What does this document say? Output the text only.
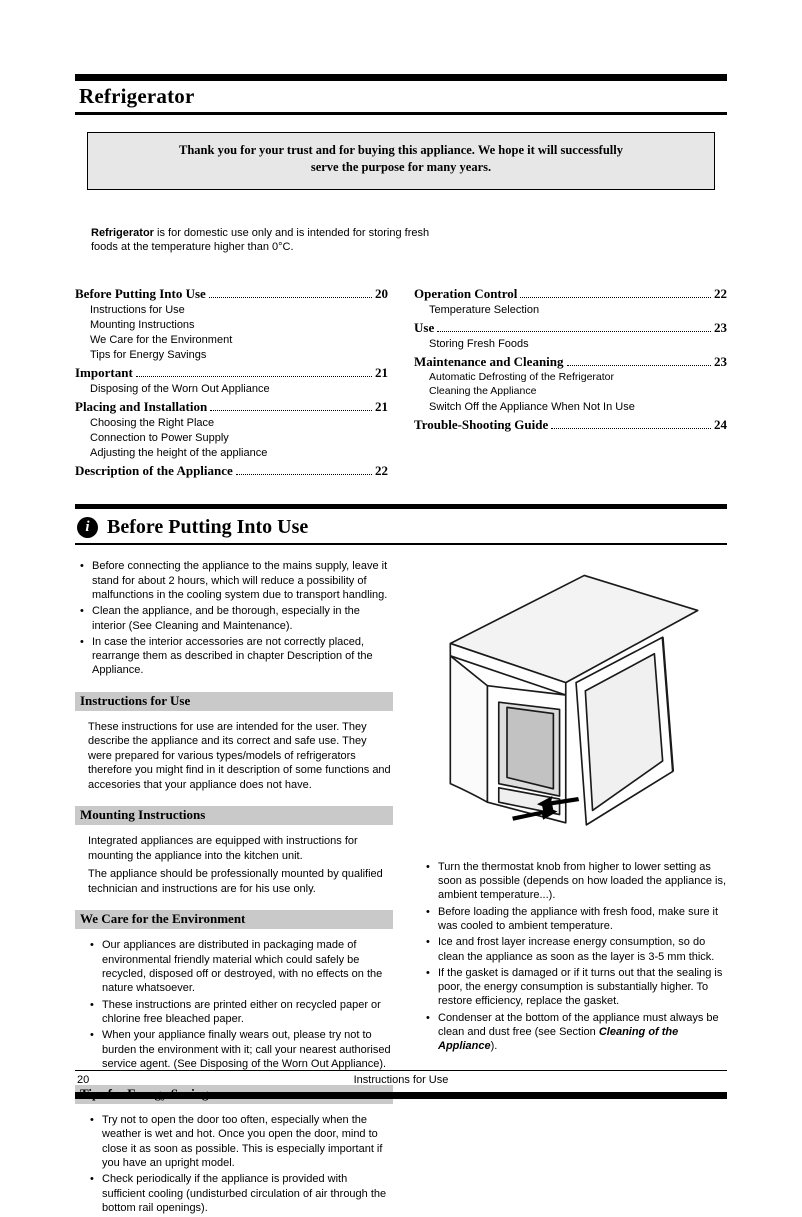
Refrigerator
Thank you for your trust and for buying this appliance. We hope it will successfully
serve the purpose for many years.

Refrigerator is for domestic use only and is intended for storing fresh foods at the temperature higher than 0°C.

Before Putting Into Use	20
Instructions for Use
Mounting Instructions
We Care for the Environment
Tips for Energy Savings
Important	21
Disposing of the Worn Out Appliance
Placing and Installation	21
Choosing the Right Place
Connection to Power Supply
Adjusting the height of the appliance
Description of the Appliance	22
Operation Control	22
Temperature Selection
Use	23
Storing Fresh Foods
Maintenance and Cleaning	23
Automatic Defrosting of the Refrigerator
Cleaning the Appliance
Switch Off the Appliance When Not In Use
Trouble-Shooting Guide	24
i Before Putting Into Use
• Before connecting the appliance to the mains supply, leave it stand for about 2 hours, which will reduce a possibility of malfunctions in the cooling system due to transport handling.
• Clean the appliance, and be thorough, especially in the interior (See Cleaning and Maintenance).
• In case the interior accessories are not correctly placed, rearrange them as described in chapter Description of the Appliance.
Instructions for Use

These instructions for use are intended for the user. They describe the appliance and its correct and safe use. They were prepared for various types/models of refrigerators therefore you might find in it description of some functions and accesories that your appliance does not have.

Mounting Instructions

Integrated appliances are equipped with instructions for mounting the appliance into the kitchen unit.

The appliance should be professionally mounted by qualified technician and instructions are for his use only.

We Care for the Environment
• Our appliances are distributed in packaging made of environmental friendly material which could safely be recycled, disposed off or destroyed, with no effects on the nature whatsoever.
• These instructions are printed either on recycled paper or chlorine free bleached paper.
• When your appliance finally wears out, please try not to burden the environment with it; call your nearest authorised service agent. (See Disposing of the Worn Out Appliance).
• Try not to open the door too often, especially when the weather is wet and hot. Once you open the door, mind to close it as soon as possible. This is especially important if you have an upright model.
• Check periodically if the appliance is provided with sufficient cooling (undisturbed circulation of air through the bottom rail openings).
• Turn the thermostat knob from higher to lower setting as soon as possible (depends on how loaded the appliance is, ambient temperature...).
• Before loading the appliance with fresh food, make sure it was cooled to ambient temperature.
• Ice and frost layer increase energy consumption, so do clean the appliance as soon as the layer is 3-5 mm thick.
• If the gasket is damaged or if it turns out that the sealing is poor, the energy consumption is substantially higher. To restore efficiency, replace the gasket.
• Condenser at the bottom of the appliance must always be clean and dust free (see Section Cleaning of the Appliance).
20	Instructions for Use
